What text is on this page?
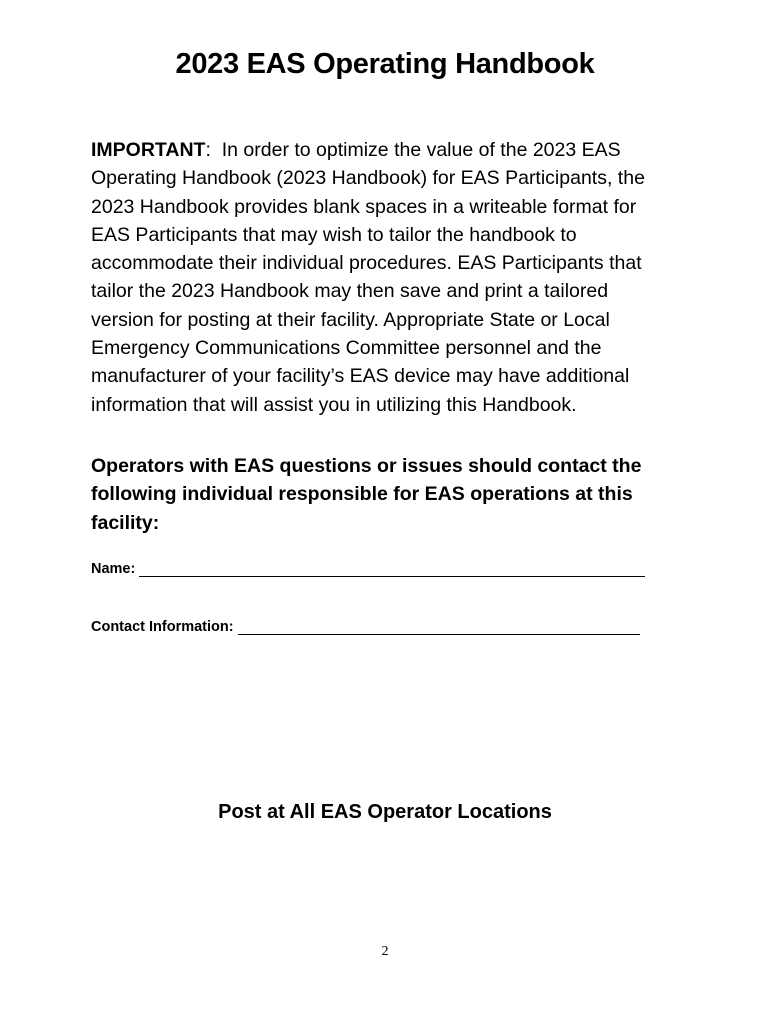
2023 EAS Operating Handbook
IMPORTANT: In order to optimize the value of the 2023 EAS
Operating Handbook (2023 Handbook) for EAS Participants, the
2023 Handbook provides blank spaces in a writeable format for
EAS Participants that may wish to tailor the handbook to
accommodate their individual procedures. EAS Participants that
tailor the 2023 Handbook may then save and print a tailored
version for posting at their facility. Appropriate State or Local
Emergency Communications Committee personnel and the
manufacturer of your facility’s EAS device may have additional
information that will assist you in utilizing this Handbook.
Operators with EAS questions or issues should contact the
following individual responsible for EAS operations at this
facility:
Name:
Contact Information:
Post at All EAS Operator Locations
2
